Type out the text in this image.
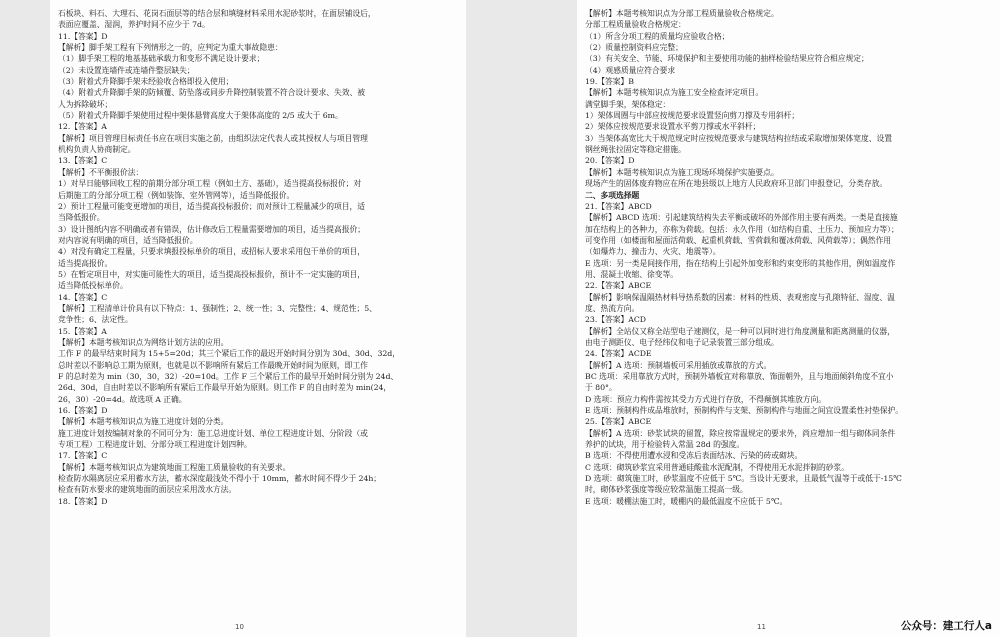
石板块、料石、大理石、花岗石面层等的结合层和填缝材料采用水泥砂浆时，在面层铺设后，
表面应覆盖、湿润，养护时间不应少于 7d。
11.【答案】D
【解析】脚手架工程有下列情形之一的，应判定为重大事故隐患：
（1）脚手架工程的地基基础承载力和变形不满足设计要求；
（2）未设置连墙件或连墙件整层缺失；
（3）附着式升降脚手架未经验收合格即投入使用；
（4）附着式升降脚手架的防倾覆、防坠落或同步升降控制装置不符合设计要求、失效、被
人为拆除破坏；
（5）附着式升降脚手架使用过程中架体悬臂高度大于架体高度的 2/5 或大于 6m。
12.【答案】A
【解析】项目管理目标责任书应在项目实施之前，由组织法定代表人或其授权人与项目管理
机构负责人协商制定。
13.【答案】C
【解析】不平衡报价法：
1）对早日能够回收工程的前期分部分项工程（例如土方、基础），适当提高投标报价；对
后期施工的分部分项工程（例如装饰、室外管网等），适当降低报价。
2）预计工程量可能变更增加的项目，适当提高投标报价；而对预计工程量减少的项目，适
当降低报价。
3）设计图纸内容不明确或者有错误，估计修改后工程量需要增加的项目，适当提高报价；
对内容说有明确的项目，适当降低报价。
4）对没有确定工程量，只要求填报投标单价的项目，或招标人要求采用包干单价的项目，
适当提高报价。
5）在暂定项目中，对实施可能性大的项目，适当提高投标报价，预计不一定实施的项目，
适当降低投标单价。
14.【答案】C
【解析】工程清单计价具有以下特点：1、强制性；2、统一性；3、完整性；4、规范性；5、
竞争性；6、法定性。
15.【答案】A
【解析】本题考核知识点为网络计划方法的应用。
工作 F 的最早结束时间为 15+5=20d；其三个紧后工作的最迟开始时间分别为 30d、30d、32d，
总时差以不影响总工期为原则，也就是以不影响所有紧后工作最晚开始时间为原则，即工作
F 的总时差为 min（30，30，32）-20=10d。工作 F 三个紧后工作的最早开始时间分别为 24d、
26d、30d，自由时差以不影响所有紧后工作最早开始为原则。则工作 F 的自由时差为 min(24，
26，30）-20=4d。故选项 A 正确。
16.【答案】D
【解析】本题考核知识点为施工进度计划的分类。
施工进度计划按编制对象的不同可分为：施工总进度计划、单位工程进度计划、分阶段（或
专项工程）工程进度计划、分部分项工程进度计划四种。
17.【答案】C
【解析】本题考核知识点为建筑地面工程施工质量验收的有关要求。
检查防水隔离层应采用蓄水方法，蓄水深度最浅处不得小于 10mm，蓄水时间不得少于 24h；
检查有防水要求的建筑地面的面层应采用泼水方法。
18.【答案】D
10
【解析】本题考核知识点为分部工程质量验收合格规定。
分部工程质量验收合格规定：
（1）所含分项工程的质量均应验收合格；
（2）质量控制资料应完整；
（3）有关安全、节能、环境保护和主要使用功能的抽样检验结果应符合相应规定；
（4）观感质量应符合要求
19.【答案】B
【解析】本题考核知识点为施工安全检查评定项目。
满堂脚手架，架体稳定：
1）架体周圈与中部应按规范要求设置竖向剪刀撑及专用斜杆；
2）架体应按规范要求设置水平剪刀撑或水平斜杆；
3）当架体高宽比大于规范规定时应按规范要求与建筑结构拉结或采取增加架体宽度、设置
钢丝绳张拉固定等稳定措施。
20.【答案】D
【解析】本题考核知识点为施工现场环境保护实施要点。
现场产生的固体废弃物应在所在地县级以上地方人民政府环卫部门申报登记，分类存放。
二、多项选择题
21.【答案】ABCD
【解析】ABCD 选项：引起建筑结构失去平衡或破坏的外部作用主要有两类。一类是直接施
加在结构上的各种力，亦称为荷载。包括：永久作用（如结构自重、土压力、预加应力等）；
可变作用（如楼面和屋面活荷载、起重机荷载、雪荷载和覆冰荷载、风荷载等）；偶然作用
（如爆炸力、撞击力、火灾、地震等）。
E 选项：另一类是间接作用，指在结构上引起外加变形和约束变形的其他作用，例如温度作
用、混凝土收缩、徐变等。
22.【答案】ABCE
【解析】影响保温隔热材料导热系数的因素：材料的性质、表观密度与孔隙特征、湿度、温
度、热流方向。
23.【答案】ACD
【解析】全站仪又称全站型电子速测仪，是一种可以同时进行角度测量和距离测量的仪器，
由电子测距仪、电子经纬仪和电子记录装置三部分组成。
24.【答案】ACDE
【解析】A 选项：预制墙板可采用插放或靠放的方式。
BC 选项：采用靠放方式时，预制外墙板宜对称靠放、饰面朝外，且与地面倾斜角度不宜小
于 80°。
D 选项：预应力构件需按其受力方式进行存放，不得颠倒其堆放方向。
E 选项：预制构件成品堆放时，预制构件与支架、预制构件与地面之间宜设置柔性衬垫保护。
25.【答案】ABCE
【解析】A 选项：砂浆试块的留置，除应按常温规定的要求外，尚应增加一组与砌体同条件
养护的试块，用于检验转入常温 28d 的强度。
B 选项：不得使用遭水浸和受冻后表面结冰、污染的砖或砌块。
C 选项：砌筑砂浆宜采用普通硅酸盐水泥配制，不得使用无水泥拌制的砂浆。
D 选项：砌筑施工时，砂浆温度不应低于 5℃。当设计无要求，且最低气温等于或低于-15℃
时，砌体砂浆强度等级应较常温施工提高一级。
E 选项：暖棚法施工时，暖棚内的最低温度不应低于 5℃。
11	公众号：建工行人a
